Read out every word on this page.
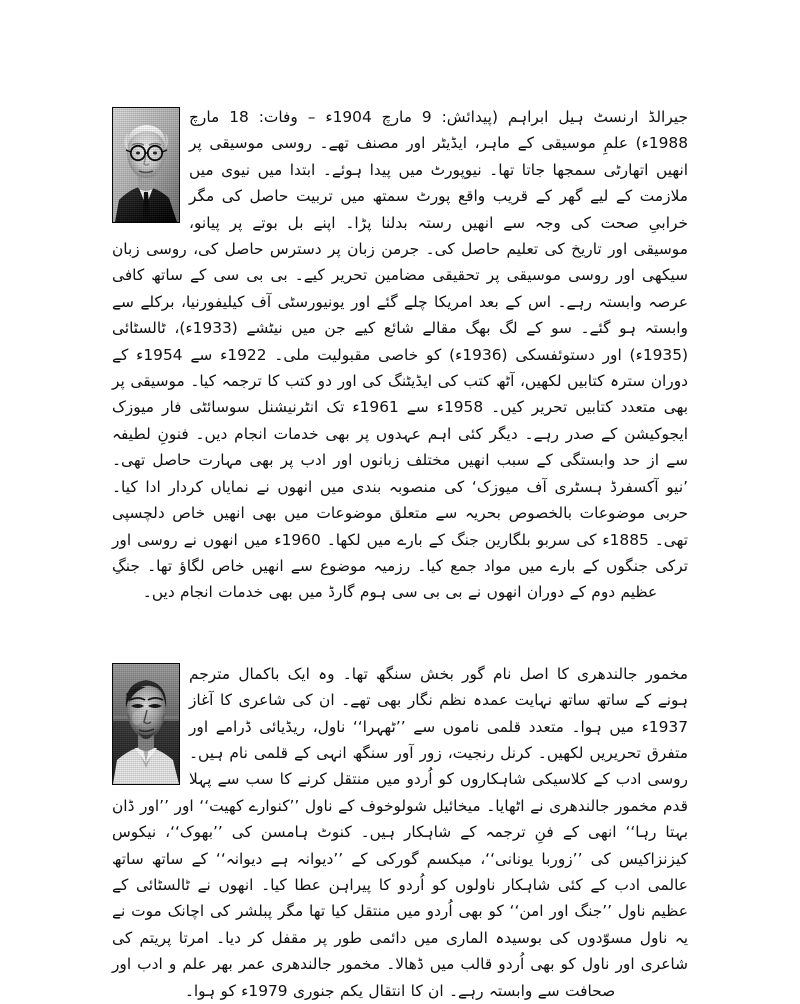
جیرالڈ ارنسٹ ہیل ابراہم (پیدائش: 9 مارچ 1904ء – وفات: 18 مارچ 1988ء) علمِ موسیقی کے ماہر، ایڈیٹر اور مصنف تھے۔ روسی موسیقی پر انھیں اتھارٹی سمجھا جاتا تھا۔ نیوپورٹ میں پیدا ہوئے۔ ابتدا میں نیوی میں ملازمت کے لیے گھر کے قریب واقع پورٹ سمتھ میں تربیت حاصل کی مگر خرابیِ صحت کی وجہ سے انھیں رستہ بدلنا پڑا۔ اپنے بل بوتے پر پیانو، موسیقی اور تاریخ کی تعلیم حاصل کی۔ جرمن زبان پر دسترس حاصل کی، روسی زبان سیکھی اور روسی موسیقی پر تحقیقی مضامین تحریر کیے۔ بی بی سی کے ساتھ کافی عرصہ وابستہ رہے۔ اس کے بعد امریکا چلے گئے اور یونیورسٹی آف کیلیفورنیا، برکلے سے وابستہ ہو گئے۔ سو کے لگ بھگ مقالے شائع کیے جن میں نیٹشے (1933ء)، ٹالسٹائی (1935ء) اور دستوئفسکی (1936ء) کو خاصی مقبولیت ملی۔ 1922ء سے 1954ء کے دوران سترہ کتابیں لکھیں، آٹھ کتب کی ایڈیٹنگ کی اور دو کتب کا ترجمہ کیا۔ موسیقی پر بھی متعدد کتابیں تحریر کیں۔ 1958ء سے 1961ء تک انٹرنیشنل سوسائٹی فار میوزک ایجوکیشن کے صدر رہے۔ دیگر کئی اہم عہدوں پر بھی خدمات انجام دیں۔ فنونِ لطیفہ سے از حد وابستگی کے سبب انھیں مختلف زبانوں اور ادب پر بھی مہارت حاصل تھی۔ ’نیو آکسفرڈ ہسٹری آف میوزک‘ کی منصوبہ بندی میں انھوں نے نمایاں کردار ادا کیا۔ حربی موضوعات بالخصوص بحریہ سے متعلق موضوعات میں بھی انھیں خاص دلچسپی تھی۔ 1885ء کی سربو بلگارین جنگ کے بارے میں لکھا۔ 1960ء میں انھوں نے روسی اور ترکی جنگوں کے بارے میں مواد جمع کیا۔ رزمیہ موضوع سے انھیں خاص لگاؤ تھا۔ جنگِ عظیم دوم کے دوران انھوں نے بی بی سی ہوم گارڈ میں بھی خدمات انجام دیں۔

مخمور جالندھری کا اصل نام گور بخش سنگھ تھا۔ وہ ایک باکمال مترجم ہونے کے ساتھ ساتھ نہایت عمدہ نظم نگار بھی تھے۔ ان کی شاعری کا آغاز 1937ء میں ہوا۔ متعدد قلمی ناموں سے ’’ٹھہرا‘‘ ناول، ریڈیائی ڈرامے اور متفرق تحریریں لکھیں۔ کرنل رنجیت، زور آور سنگھ انہی کے قلمی نام ہیں۔ روسی ادب کے کلاسیکی شاہکاروں کو اُردو میں منتقل کرنے کا سب سے پہلا قدم مخمور جالندھری نے اٹھایا۔ میخائیل شولوخوف کے ناول ’’کنوارے کھیت‘‘ اور ’’اور ڈان بہتا رہا‘‘ انھی کے فنِ ترجمہ کے شاہکار ہیں۔ کنوٹ ہامسن کی ’’بھوک‘‘، نیکوس کیزنزاکیس کی ’’زوربا یونانی‘‘، میکسم گورکی کے ’’دیوانہ ہے دیوانہ‘‘ کے ساتھ ساتھ عالمی ادب کے کئی شاہکار ناولوں کو اُردو کا پیراہن عطا کیا۔ انھوں نے ٹالسٹائی کے عظیم ناول ’’جنگ اور امن‘‘ کو بھی اُردو میں منتقل کیا تھا مگر پبلشر کی اچانک موت نے یہ ناول مسوّدوں کی بوسیدہ الماری میں دائمی طور پر مقفل کر دیا۔ امرتا پریتم کی شاعری اور ناول کو بھی اُردو قالب میں ڈھالا۔ مخمور جالندھری عمر بھر علم و ادب اور صحافت سے وابستہ رہے۔ ان کا انتقال یکم جنوری 1979ء کو ہوا۔
